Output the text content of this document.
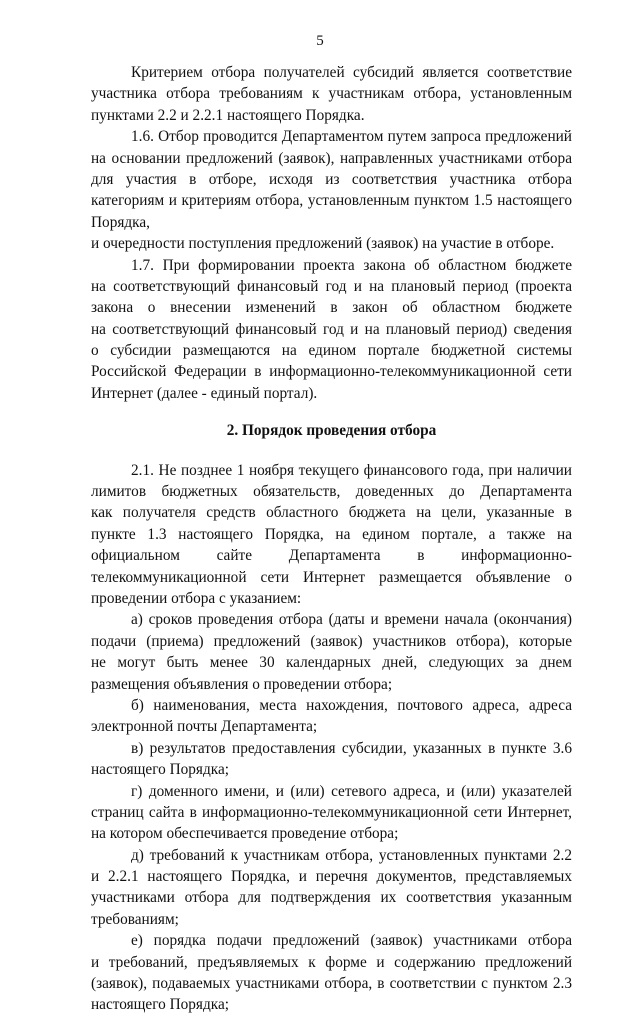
5
Критерием отбора получателей субсидий является соответствие
участника отбора требованиям к участникам отбора, установленным
пунктами 2.2 и 2.2.1 настоящего Порядка.
1.6. Отбор проводится Департаментом путем запроса предложений
на основании предложений (заявок), направленных участниками отбора
для участия в отборе, исходя из соответствия участника отбора
категориям и критериям отбора, установленным пунктом 1.5 настоящего
Порядка,
и очередности поступления предложений (заявок) на участие в отборе.
1.7. При формировании проекта закона об областном бюджете
на соответствующий финансовый год и на плановый период (проекта
закона о внесении изменений в закон об областном бюджете
на соответствующий финансовый год и на плановый период) сведения
о субсидии размещаются на едином портале бюджетной системы
Российской Федерации в информационно-телекоммуникационной сети
Интернет (далее - единый портал).
2. Порядок проведения отбора
2.1. Не позднее 1 ноября текущего финансового года, при наличии
лимитов бюджетных обязательств, доведенных до Департамента
как получателя средств областного бюджета на цели, указанные в
пункте 1.3 настоящего Порядка, на едином портале, а также на
официальном сайте Департамента в информационно-
телекоммуникационной сети Интернет размещается объявление о
проведении отбора с указанием:
а) сроков проведения отбора (даты и времени начала (окончания)
подачи (приема) предложений (заявок) участников отбора), которые
не могут быть менее 30 календарных дней, следующих за днем
размещения объявления о проведении отбора;
б) наименования, места нахождения, почтового адреса, адреса
электронной почты Департамента;
в) результатов предоставления субсидии, указанных в пункте 3.6
настоящего Порядка;
г) доменного имени, и (или) сетевого адреса, и (или) указателей
страниц сайта в информационно-телекоммуникационной сети Интернет,
на котором обеспечивается проведение отбора;
д) требований к участникам отбора, установленных пунктами 2.2
и 2.2.1 настоящего Порядка, и перечня документов, представляемых
участниками отбора для подтверждения их соответствия указанным
требованиям;
е) порядка подачи предложений (заявок) участниками отбора
и требований, предъявляемых к форме и содержанию предложений
(заявок), подаваемых участниками отбора, в соответствии с пунктом 2.3
настоящего Порядка;
